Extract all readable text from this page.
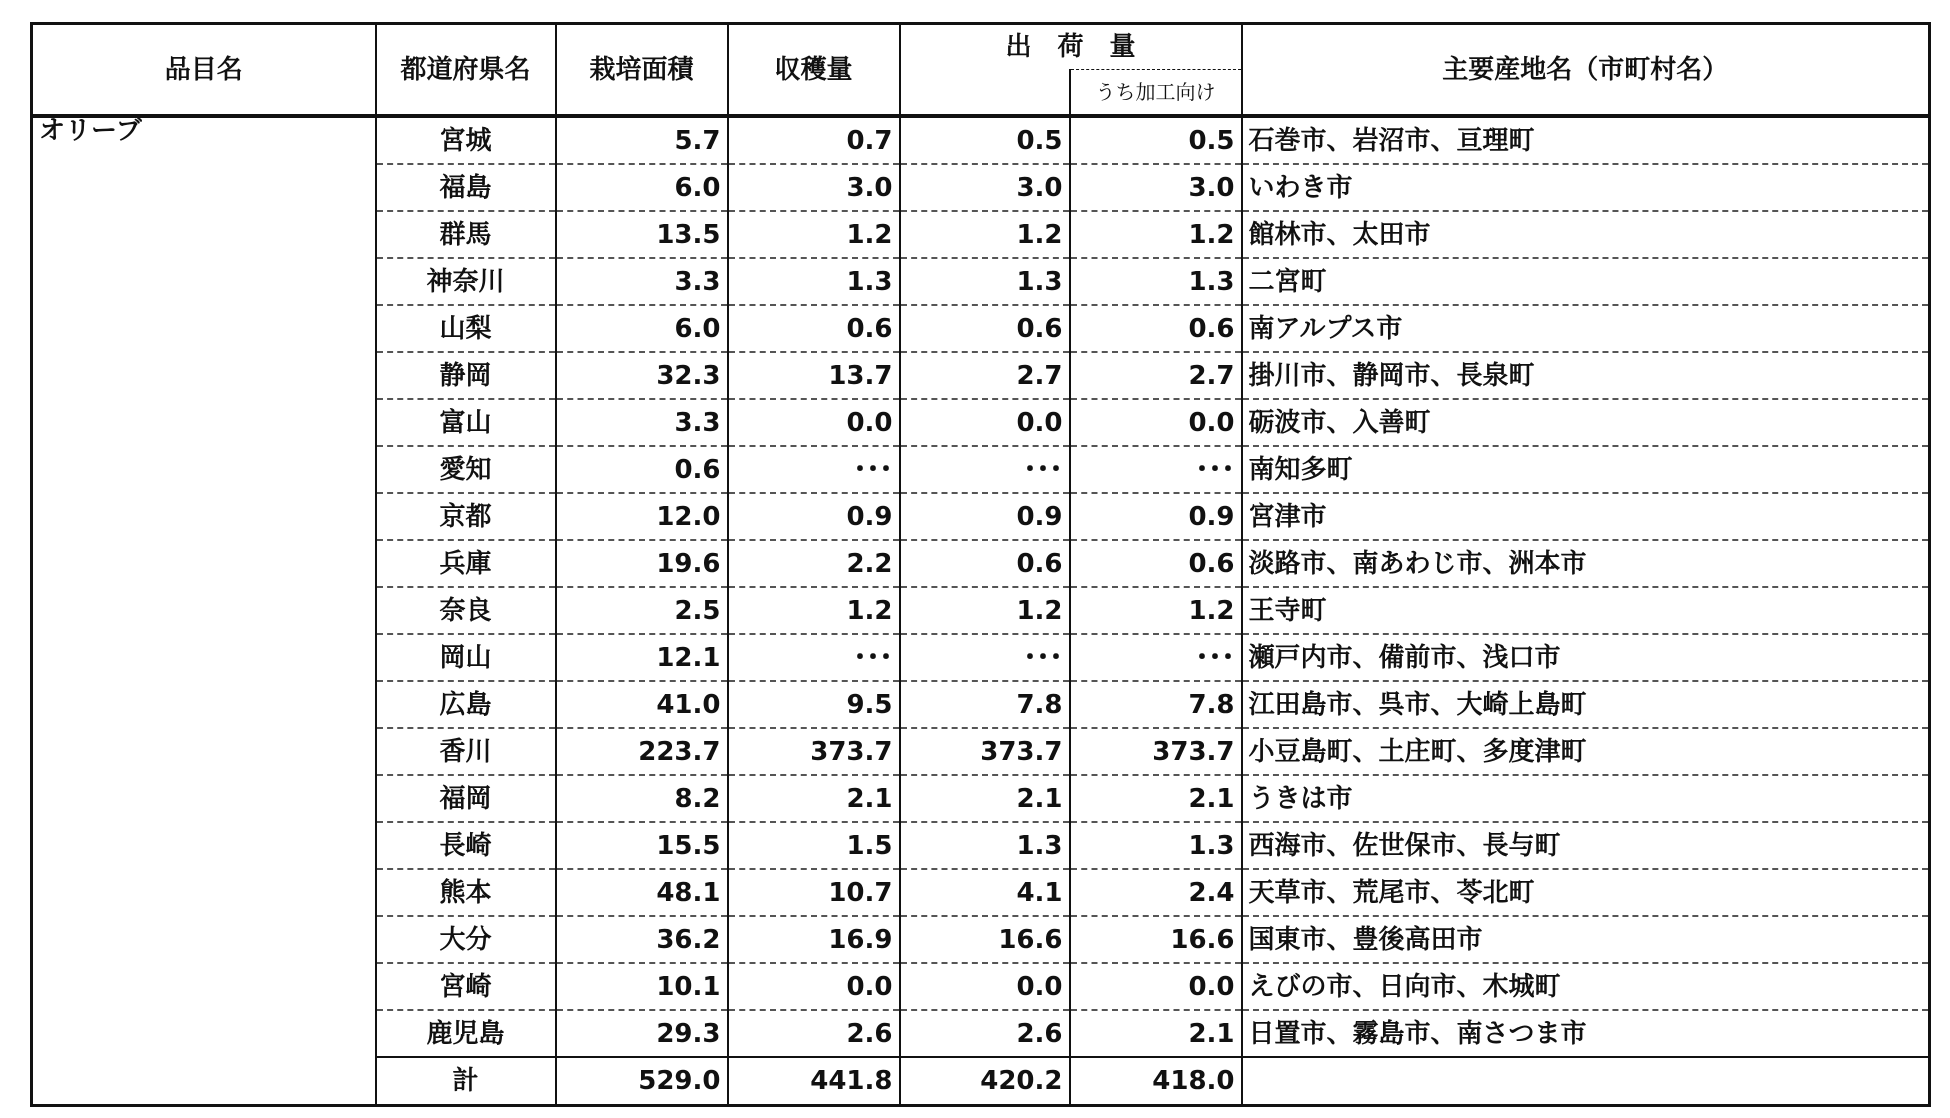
品目名	都道府県名	栽培面積	収穫量	出　荷　量		主要産地名（市町村名）
					うち加工向け	
オリーブ	宮城	5.7	0.7	0.5	0.5	石巻市、岩沼市、亘理町
	福島	6.0	3.0	3.0	3.0	いわき市
	群馬	13.5	1.2	1.2	1.2	館林市、太田市
	神奈川	3.3	1.3	1.3	1.3	二宮町
	山梨	6.0	0.6	0.6	0.6	南アルプス市
	静岡	32.3	13.7	2.7	2.7	掛川市、静岡市、長泉町
	富山	3.3	0.0	0.0	0.0	砺波市、入善町
	愛知	0.6	･･･	･･･	･･･	南知多町
	京都	12.0	0.9	0.9	0.9	宮津市
	兵庫	19.6	2.2	0.6	0.6	淡路市、南あわじ市、洲本市
	奈良	2.5	1.2	1.2	1.2	王寺町
	岡山	12.1	･･･	･･･	･･･	瀬戸内市、備前市、浅口市
	広島	41.0	9.5	7.8	7.8	江田島市、呉市、大崎上島町
	香川	223.7	373.7	373.7	373.7	小豆島町、土庄町、多度津町
	福岡	8.2	2.1	2.1	2.1	うきは市
	長崎	15.5	1.5	1.3	1.3	西海市、佐世保市、長与町
	熊本	48.1	10.7	4.1	2.4	天草市、荒尾市、苓北町
	大分	36.2	16.9	16.6	16.6	国東市、豊後高田市
	宮崎	10.1	0.0	0.0	0.0	えびの市、日向市、木城町
	鹿児島	29.3	2.6	2.6	2.1	日置市、霧島市、南さつま市
	計	529.0	441.8	420.2	418.0	
